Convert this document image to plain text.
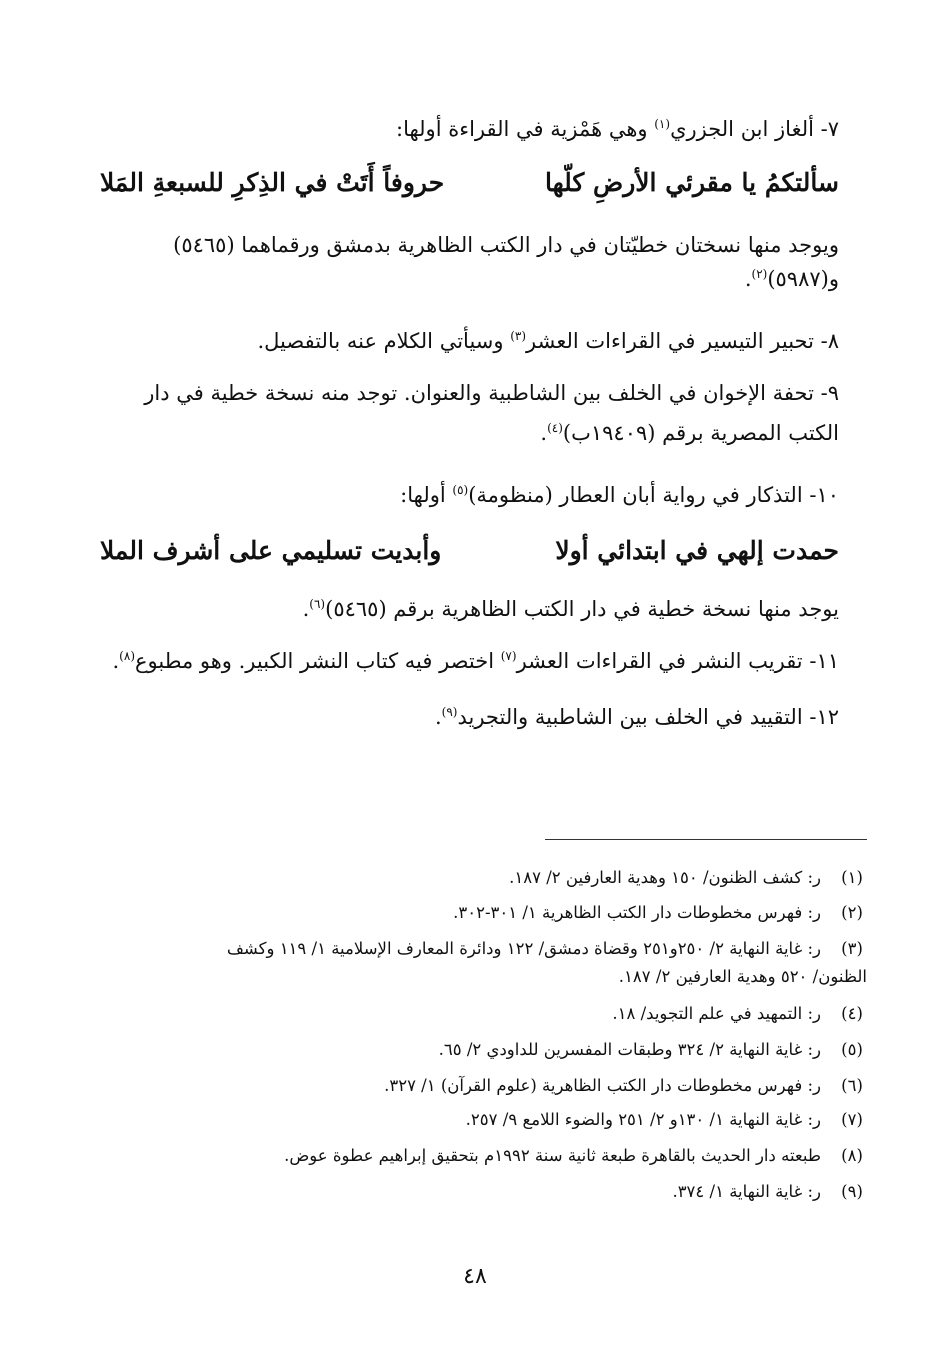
٧- ألغاز ابن الجزري$^{(١)}$ وهي هَمْزية في القراءة أولها:
سألتكمُ يا مقرئي الأرضِ كلّها
حروفاً أَتَتْ في الذِكرِ للسبعةِ المَلا
ويوجد منها نسختان خطيّتان في دار الكتب الظاهرية بدمشق ورقماهما (٥٤٦٥)
و(٥٩٨٧)$^{(٢)}$.
٨- تحبير التيسير في القراءات العشر$^{(٣)}$ وسيأتي الكلام عنه بالتفصيل.
٩- تحفة الإخوان في الخلف بين الشاطبية والعنوان. توجد منه نسخة خطية في دار
الكتب المصرية برقم (١٩٤٠٩ب)$^{(٤)}$.
١٠- التذكار في رواية أبان العطار (منظومة)$^{(٥)}$ أولها:
حمدت إلهي في ابتدائي أولا
وأبديت تسليمي على أشرف الملا
يوجد منها نسخة خطية في دار الكتب الظاهرية برقم (٥٤٦٥)$^{(٦)}$.
١١- تقريب النشر في القراءات العشر$^{(٧)}$ اختصر فيه كتاب النشر الكبير. وهو مطبوع$^{(٨)}$.
١٢- التقييد في الخلف بين الشاطبية والتجريد$^{(٩)}$.
(١)ر: كشف الظنون/ ١٥٠ وهدية العارفين ٢/ ١٨٧.
(٢)ر: فهرس مخطوطات دار الكتب الظاهرية ١/ ٣٠١-٣٠٢.
(٣)ر: غاية النهاية ٢/ ٢٥٠و٢٥١ وقضاة دمشق/ ١٢٢ ودائرة المعارف الإسلامية ١/ ١١٩ وكشف
الظنون/ ٥٢٠ وهدية العارفين ٢/ ١٨٧.
(٤)ر: التمهيد في علم التجويد/ ١٨.
(٥)ر: غاية النهاية ٢/ ٣٢٤ وطبقات المفسرين للداودي ٢/ ٦٥.
(٦)ر: فهرس مخطوطات دار الكتب الظاهرية (علوم القرآن) ١/ ٣٢٧.
(٧)ر: غاية النهاية ١/ ١٣٠و ٢/ ٢٥١ والضوء اللامع ٩/ ٢٥٧.
(٨)طبعته دار الحديث بالقاهرة طبعة ثانية سنة ١٩٩٢م بتحقيق إبراهيم عطوة عوض.
(٩)ر: غاية النهاية ١/ ٣٧٤.
٤٨
